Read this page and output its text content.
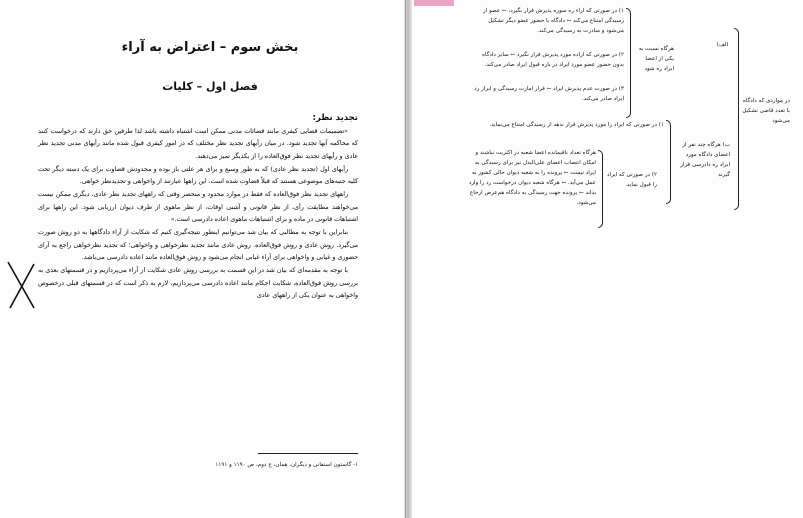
بخش سوم – اعتراض به آراء
فصل اول – کلیات
تجدید نظر:

«تصمیمات قضایی کیفری مانند قضائات مدنی ممکن است اشتباه داشته باشد لذا طرفین حق دارند که درخواست کنند که محاکمه آنها تجدید شود. در میان رأیهای تجدید نظر مختلف که در امور کیفری قبول شده مانند رأیهای مدنی تجدید نظر عادی و رأیهای تجدید نظر فوق‌العاده را از یکدیگر تمیز می‌دهند.

رأیهای اول (تجدید نظر عادی) که به طور وسیع و برای هر علتی باز بوده و محدودش قضاوت برای یک دسته دیگر تحت کلیه جنبه‌های موضوعی هستند که قبلاً قضاوت شده است. این راهها عبارتند از واخواهی و تجدیدنظر خواهی.

راههای تجدید نظر فوق‌العاده که فقط در موارد محدود و منحصر وقتی که راههای تجدید نظر عادی، دیگری ممکن نیست می‌خواهند مطابقت رأی، از نظر قانونی و آشنی اوقات، از نظر ماهوی از طرف دیوان ارزیابی شود. این راهها برای اشتباهات قانونی در ماده و برای اشتباهات ماهوی اعاده دادرسی است.»

بنابراین با توجه به مطالبی که بیان شد می‌توانیم اینطور نتیجه‌گیری کنیم که شکایت از آراء دادگاهها به دو روش صورت می‌گیرد. روش عادی و روش فوق‌العاده. روش عادی مانند تجدید نظرخواهی و واخواهی؛ که تجدید نظرخواهی راجع به آرای حضوری و غیابی و واخواهی برای آراء غیابی انجام می‌شود و روش فوق‌العاده مانند اعاده دادرسی می‌باشد.

با توجه به مقدمه‌ای که بیان شد در این قسمت به بررسی روش عادی شکایت از آراء می‌پردازیم و در قسمتهای بعدی به بررسی روش فوق‌العاده، شکایت احکام مانند اعاده دادرسی می‌پردازیم، لازم به ذکر است که در قسمتهای قبلی درخصوص واخواهی به عنوان یکی از راههای عادی

۱- گاستون استفانی و دیگران، همان، ج دوم، ص ۱۱۹۰ و ۱۱۹۱
۱) در صورتی که اراء ره سوره پذیرش قرار بگیرد، ← عضو از رسیدگی امتناع می‌کند ← دادگاه با حضور عضو دیگر تشکیل می‌شود و مبادرت به رسیدگی می‌کند.
۲) در صورتی که اراده مورد پذیرش قرار نگیرد ← سایر دادگاه بدون حضور عضو مورد ایراد در باره قبول ایراد صادر می‌کند.
۳) در صورت عدم پذیرش ایراد ← قرار امارت رسیدگی و ابراز رد ایراد صادر می‌کند.
هرگاه نسبت به یکی از اعضا ایراد ره شود
الف)
۱) در صورتی که ایراد را مورد پذیرش قرار ندهد از رسیدگی امتناع می‌نماید.
ب) هرگاه چند نفر از اعضای دادگاه مورد ایراد ره دادرسی قرار گیرند
۲) در صورتی که ایراد را قبول نماید.
هرگاه تعداد باقیمانده اعضا شعبه در اکثریت نباشند و امکان انتصاب اعضای علی‌البدل نیز برای رسیدگی به ایراد نیست ← پرونده را به شعبه دیوان حالی کشور به عمل می‌آید. ← هرگاه شعبه دیوان درخواست رد را وارد بداند ← پرونده جهت رسیدگی به دادگاه هم‌عرض ارجاع می‌شود.
در مواردی که دادگاه با تعدد قاضی تشکیل می‌شود
